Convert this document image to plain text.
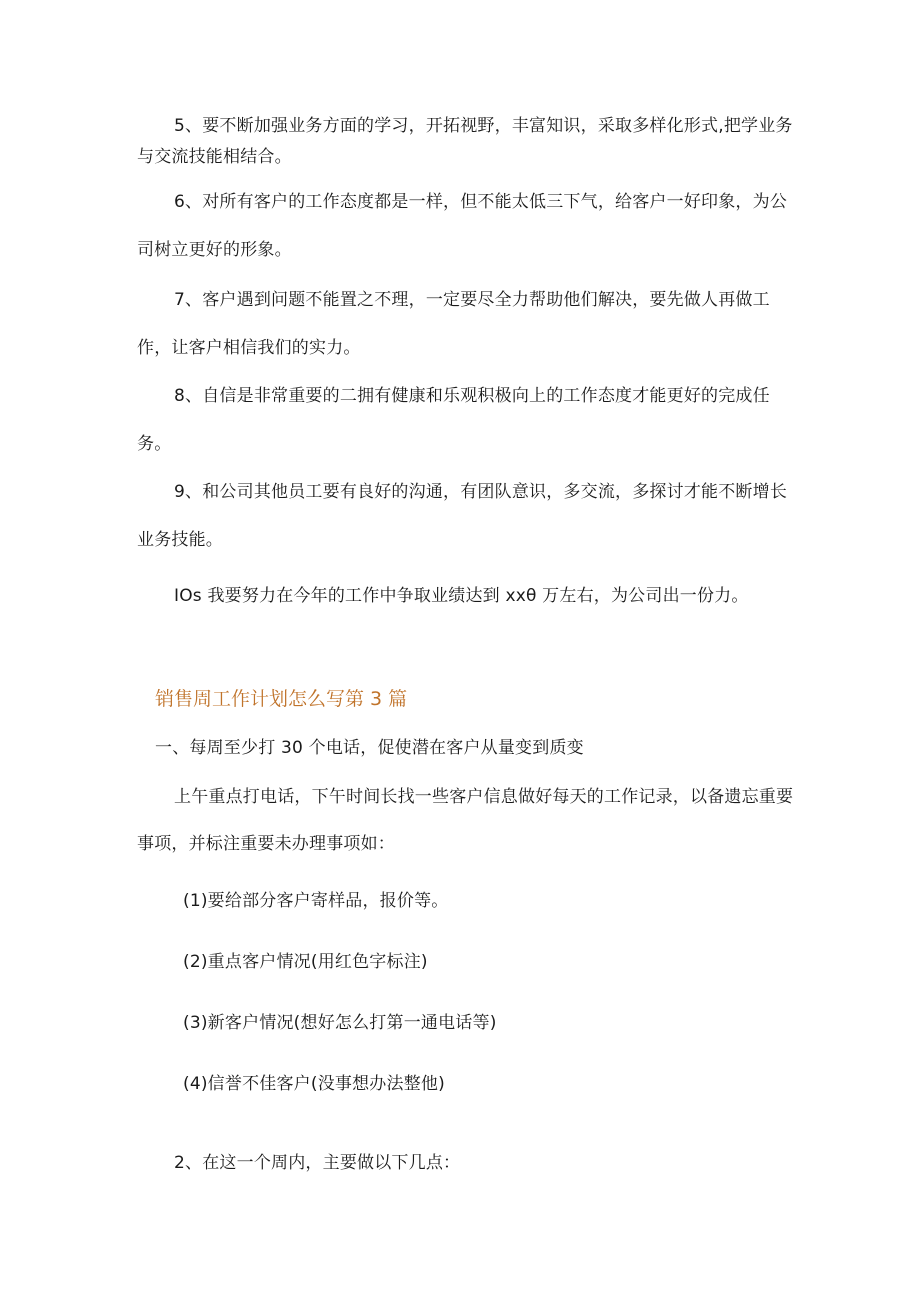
5、要不断加强业务方面的学习，开拓视野，丰富知识，采取多样化形式,把学业务
与交流技能相结合。
6、对所有客户的工作态度都是一样，但不能太低三下气，给客户一好印象，为公
司树立更好的形象。
7、客户遇到问题不能置之不理，一定要尽全力帮助他们解决，要先做人再做工
作，让客户相信我们的实力。
8、自信是非常重要的二拥有健康和乐观积极向上的工作态度才能更好的完成任
务。
9、和公司其他员工要有良好的沟通，有团队意识，多交流，多探讨才能不断增长
业务技能。
IOs 我要努力在今年的工作中争取业绩达到 xxθ 万左右，为公司出一份力。
销售周工作计划怎么写第 3 篇
一、每周至少打 30 个电话，促使潜在客户从量变到质变
上午重点打电话，下午时间长找一些客户信息做好每天的工作记录，以备遗忘重要
事项，并标注重要未办理事项如：
(1)要给部分客户寄样品，报价等。
(2)重点客户情况(用红色字标注)
(3)新客户情况(想好怎么打第一通电话等)
(4)信誉不佳客户(没事想办法整他)
2、在这一个周内，主要做以下几点：
